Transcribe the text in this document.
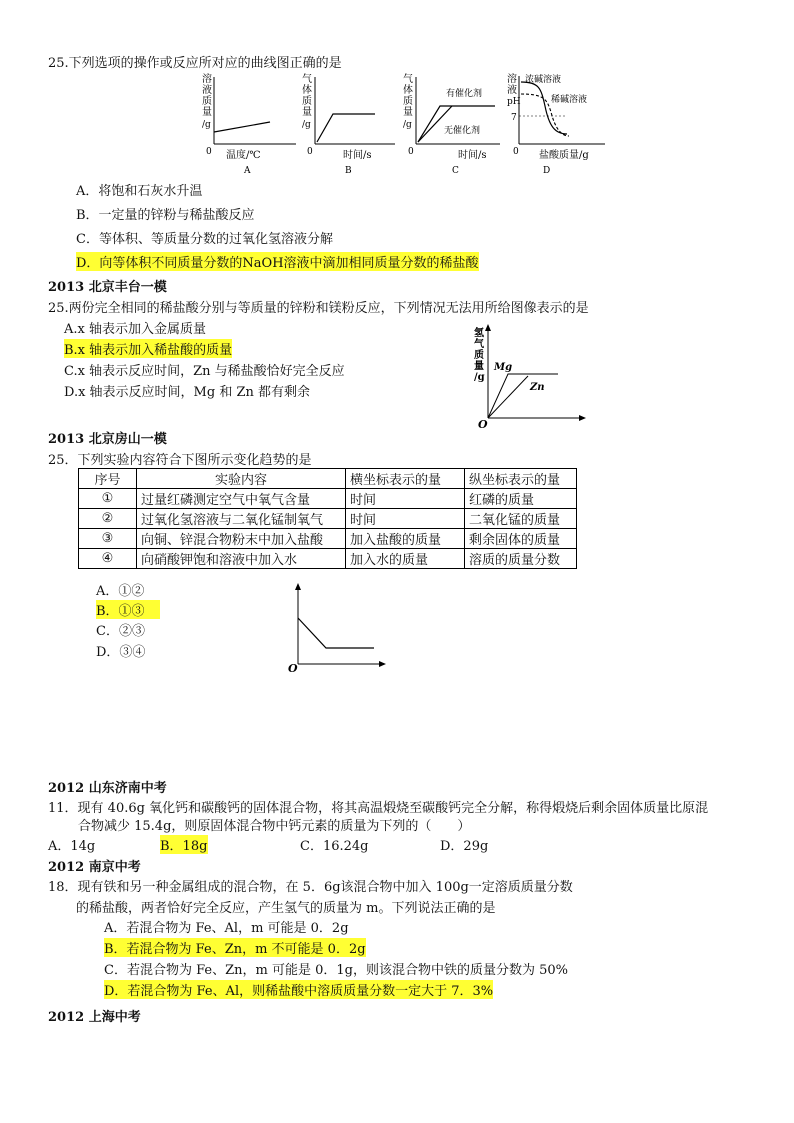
25.下列选项的操作或反应所对应的曲线图正确的是
溶
液
质
量
/g
0 温度/℃
A
气
体
质
量
/g
0	时间/s
B
气
体
质
量
/g
有催化剂
无催化剂
0	时间/s
C
溶
液
pH
7
浓碱溶液
稀碱溶液
0 盐酸质量/g
D
A．将饱和石灰水升温
B．一定量的锌粉与稀盐酸反应
C．等体积、等质量分数的过氧化氢溶液分解
D．向等体积不同质量分数的NaOH溶液中滴加相同质量分数的稀盐酸
2013 北京丰台一模
25.两份完全相同的稀盐酸分别与等质量的锌粉和镁粉反应，下列情况无法用所给图像表示的是
A.x 轴表示加入金属质量
B.x 轴表示加入稀盐酸的质量
C.x 轴表示反应时间，Zn 与稀盐酸恰好完全反应
D.x 轴表示反应时间，Mg 和 Zn 都有剩余
氢
气
质
量
/g
Mg
Zn
O
2013 北京房山一模
25．下列实验内容符合下图所示变化趋势的是
序号	实验内容	横坐标表示的量	纵坐标表示的量
①	过量红磷测定空气中氧气含量	时间	红磷的质量
②	过氧化氢溶液与二氧化锰制氧气	时间	二氧化锰的质量
③	向铜、锌混合物粉末中加入盐酸	加入盐酸的质量	剩余固体的质量
④	向硝酸钾饱和溶液中加入水	加入水的质量	溶质的质量分数
A．①②
B．①③
C．②③
D．③④
O
2012 山东济南中考
11．现有 40.6g 氧化钙和碳酸钙的固体混合物，将其高温煅烧至碳酸钙完全分解，称得煅烧后剩余固体质量比原混
合物减少 15.4g，则原固体混合物中钙元素的质量为下列的（　　）
A．14g	B．18g	C．16.24g	D．29g
2012 南京中考
18．现有铁和另一种金属组成的混合物，在 5．6g该混合物中加入 100g一定溶质质量分数
的稀盐酸，两者恰好完全反应，产生氢气的质量为 m。下列说法正确的是
A．若混合物为 Fe、Al，m 可能是 0．2g
B．若混合物为 Fe、Zn，m 不可能是 0．2g
C．若混合物为 Fe、Zn，m 可能是 0．1g，则该混合物中铁的质量分数为 50%
D．若混合物为 Fe、Al，则稀盐酸中溶质质量分数一定大于 7．3%
2012 上海中考
